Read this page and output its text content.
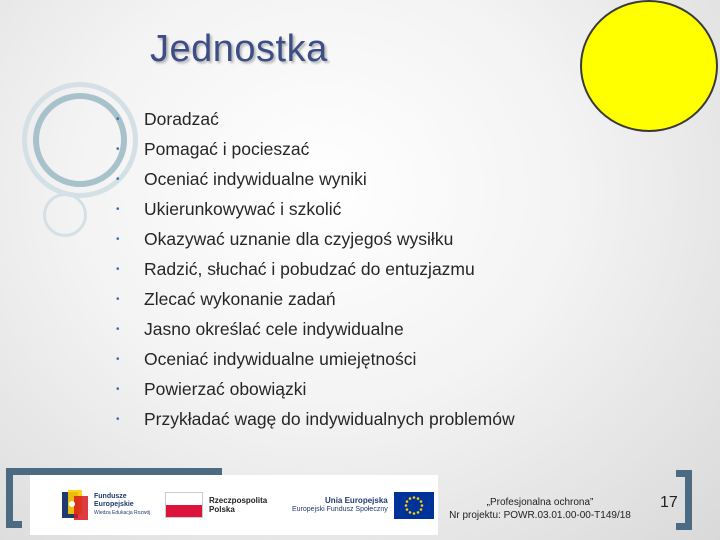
Jednostka
•	Doradzać
•	Pomagać i pocieszać
•	Oceniać indywidualne wyniki
•	Ukierunkowywać i szkolić
•	Okazywać uznanie dla czyjegoś wysiłku
•	Radzić, słuchać i pobudzać do entuzjazmu
•	Zlecać wykonanie zadań
•	Jasno określać cele indywidualne
•	Oceniać indywidualne umiejętności
•	Powierzać obowiązki
•	Przykładać wagę do indywidualnych problemów
Fundusze
Europejskie
Wiedza Edukacja Rozwój
Rzeczpospolita
Polska
Unia Europejska
Europejski Fundusz Społeczny
„Profesjonalna ochrona”
Nr projektu: POWR.03.01.00-00-T149/18
17
